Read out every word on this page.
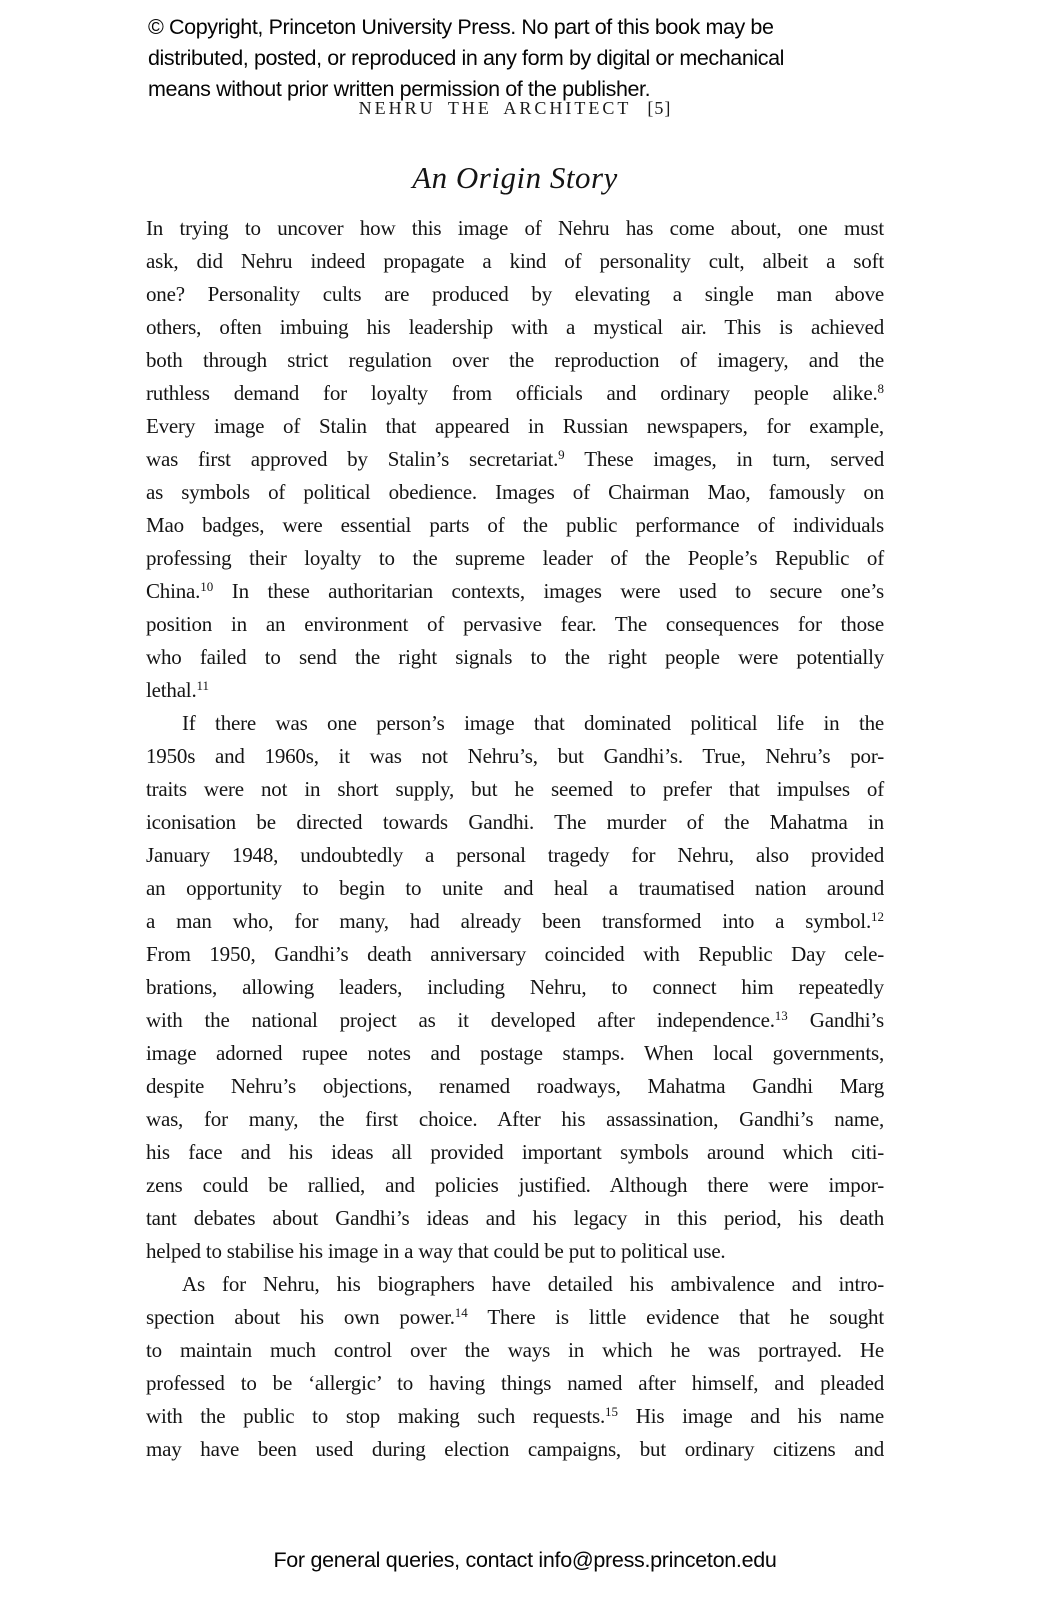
© Copyright, Princeton University Press. No part of this book may be
distributed, posted, or reproduced in any form by digital or mechanical
means without prior written permission of the publisher.
NEHRU THE ARCHITECT [5]
An Origin Story
In trying to uncover how this image of Nehru has come about, one must
ask, did Nehru indeed propagate a kind of personality cult, albeit a soft
one? Personality cults are produced by elevating a single man above
others, often imbuing his leadership with a mystical air. This is achieved
both through strict regulation over the reproduction of imagery, and the
ruthless demand for loyalty from officials and ordinary people alike.$^8$
Every image of Stalin that appeared in Russian newspapers, for example,
was first approved by Stalin’s secretariat.$^9$ These images, in turn, served
as symbols of political obedience. Images of Chairman Mao, famously on
Mao badges, were essential parts of the public performance of individuals
professing their loyalty to the supreme leader of the People’s Republic of
China.$^{10}$ In these authoritarian contexts, images were used to secure one’s
position in an environment of pervasive fear. The consequences for those
who failed to send the right signals to the right people were potentially
lethal.$^{11}$
If there was one person’s image that dominated political life in the
1950s and 1960s, it was not Nehru’s, but Gandhi’s. True, Nehru’s por-
traits were not in short supply, but he seemed to prefer that impulses of
iconisation be directed towards Gandhi. The murder of the Mahatma in
January 1948, undoubtedly a personal tragedy for Nehru, also provided
an opportunity to begin to unite and heal a traumatised nation around
a man who, for many, had already been transformed into a symbol.$^{12}$
From 1950, Gandhi’s death anniversary coincided with Republic Day cele-
brations, allowing leaders, including Nehru, to connect him repeatedly
with the national project as it developed after independence.$^{13}$ Gandhi’s
image adorned rupee notes and postage stamps. When local governments,
despite Nehru’s objections, renamed roadways, Mahatma Gandhi Marg
was, for many, the first choice. After his assassination, Gandhi’s name,
his face and his ideas all provided important symbols around which citi-
zens could be rallied, and policies justified. Although there were impor-
tant debates about Gandhi’s ideas and his legacy in this period, his death
helped to stabilise his image in a way that could be put to political use.
As for Nehru, his biographers have detailed his ambivalence and intro-
spection about his own power.$^{14}$ There is little evidence that he sought
to maintain much control over the ways in which he was portrayed. He
professed to be ‘allergic’ to having things named after himself, and pleaded
with the public to stop making such requests.$^{15}$ His image and his name
may have been used during election campaigns, but ordinary citizens and
For general queries, contact info@press.princeton.edu
